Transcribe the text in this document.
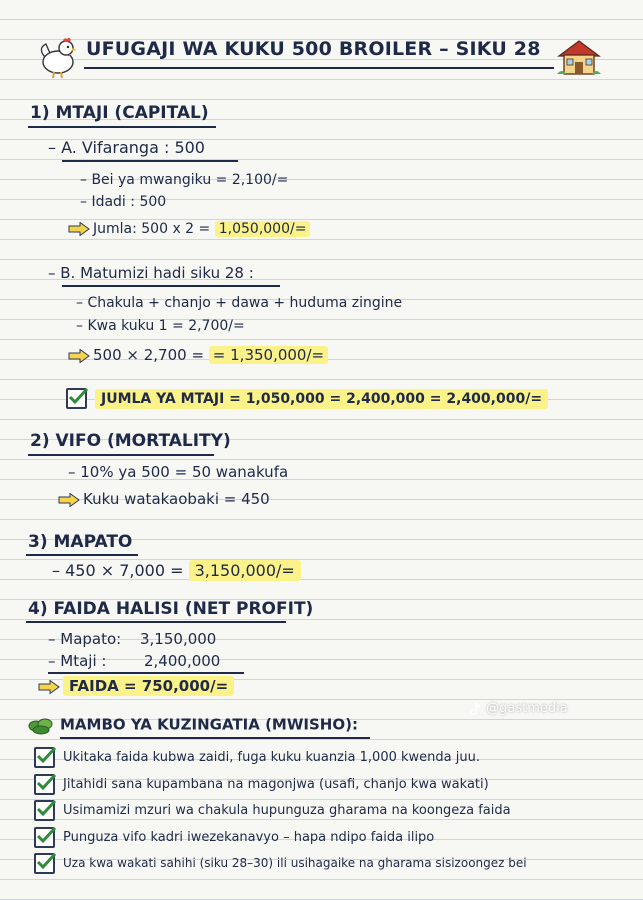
UFUGAJI WA KUKU 500 BROILER – SIKU 28
1) MTAJI (CAPITAL)
– A. Vifaranga : 500
– Bei ya mwangiku = 2,100/=
– Idadi : 500
Jumla: 500 x 2 = 1,050,000/=
– B. Matumizi hadi siku 28 :
– Chakula + chanjo + dawa + huduma zingine
– Kwa kuku 1 = 2,700/=
500 × 2,700 = = 1,350,000/=
JUMLA YA MTAJI = 1,050,000 = 2,400,000 = 2,400,000/=
2) VIFO (MORTALITY)
– 10% ya 500 = 50 wanakufa
Kuku watakaobaki = 450
3) MAPATO
– 450 × 7,000 = 3,150,000/=
4) FAIDA HALISI (NET PROFIT)
– Mapato: 3,150,000
– Mtaji :	2,400,000
FAIDA = 750,000/=
@gastmedia
MAMBO YA KUZINGATIA (MWISHO):
Ukitaka faida kubwa zaidi, fuga kuku kuanzia 1,000 kwenda juu.
Jitahidi sana kupambana na magonjwa (usafi, chanjo kwa wakati)
Usimamizi mzuri wa chakula hupunguza gharama na koongeza faida
Punguza vifo kadri iwezekanavyo – hapa ndipo faida ilipo
Uza kwa wakati sahihi (siku 28–30) ili usihagaike na gharama sisizoongez bei
